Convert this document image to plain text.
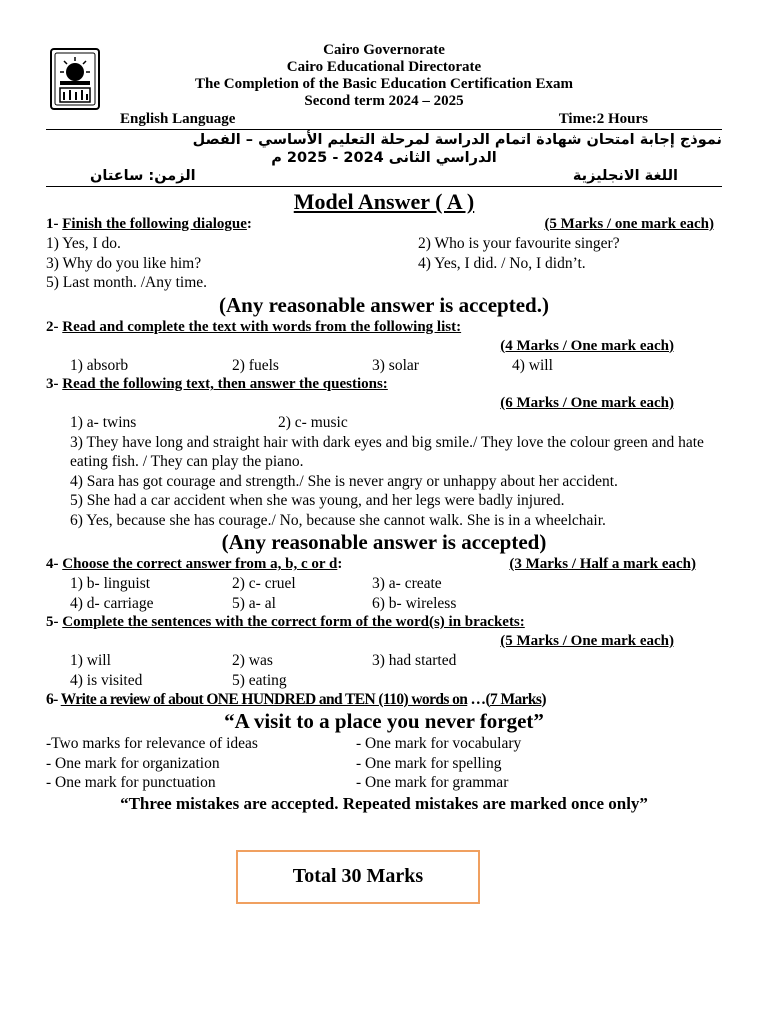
Cairo Governorate
Cairo Educational Directorate
The Completion of the Basic Education Certification Exam
Second term 2024 – 2025
English Language	Time:2 Hours
نموذج إجابة امتحان شهادة اتمام الدراسة لمرحلة التعليم الأساسي – الفصل
الدراسي الثانى 2024 - 2025 م
اللغة الانجليزية
الزمن: ساعتان
Model Answer ( A )
1- Finish the following dialogue:	(5 Marks / one mark each)
1) Yes, I do.	2) Who is your favourite singer?
3) Why do you like him?	4) Yes, I did. / No, I didn’t.
5) Last month. /Any time.
(Any reasonable answer is accepted.)
2- Read and complete the text with words from the following list:
(4 Marks / One mark each)
1) absorb	2) fuels	3) solar	4) will
3- Read the following text, then answer the questions:
(6 Marks / One mark each)
1) a- twins	2) c- music
3) They have long and straight hair with dark eyes and big smile./ They love the colour green and hate eating fish. / They can play the piano.
4) Sara has got courage and strength./ She is never angry or unhappy about her accident.
5) She had a car accident when she was young, and her legs were badly injured.
6) Yes, because she has courage./ No, because she cannot walk. She is in a wheelchair.
(Any reasonable answer is accepted)
4- Choose the correct answer from a, b, c or d:	(3 Marks / Half a mark each)
1) b- linguist	2) c- cruel	3) a- create
4) d- carriage	5) a- al	6) b- wireless
5- Complete the sentences with the correct form of the word(s) in brackets:
(5 Marks / One mark each)
1) will	2) was	3) had started
4) is visited	5) eating
6- Write a review of about ONE HUNDRED and TEN (110) words on …(7 Marks)
“A visit to a place you never forget”
-Two marks for relevance of ideas	- One mark for vocabulary
- One mark for organization	- One mark for spelling
- One mark for punctuation	- One mark for grammar
“Three mistakes are accepted. Repeated mistakes are marked once only”
Total 30 Marks
